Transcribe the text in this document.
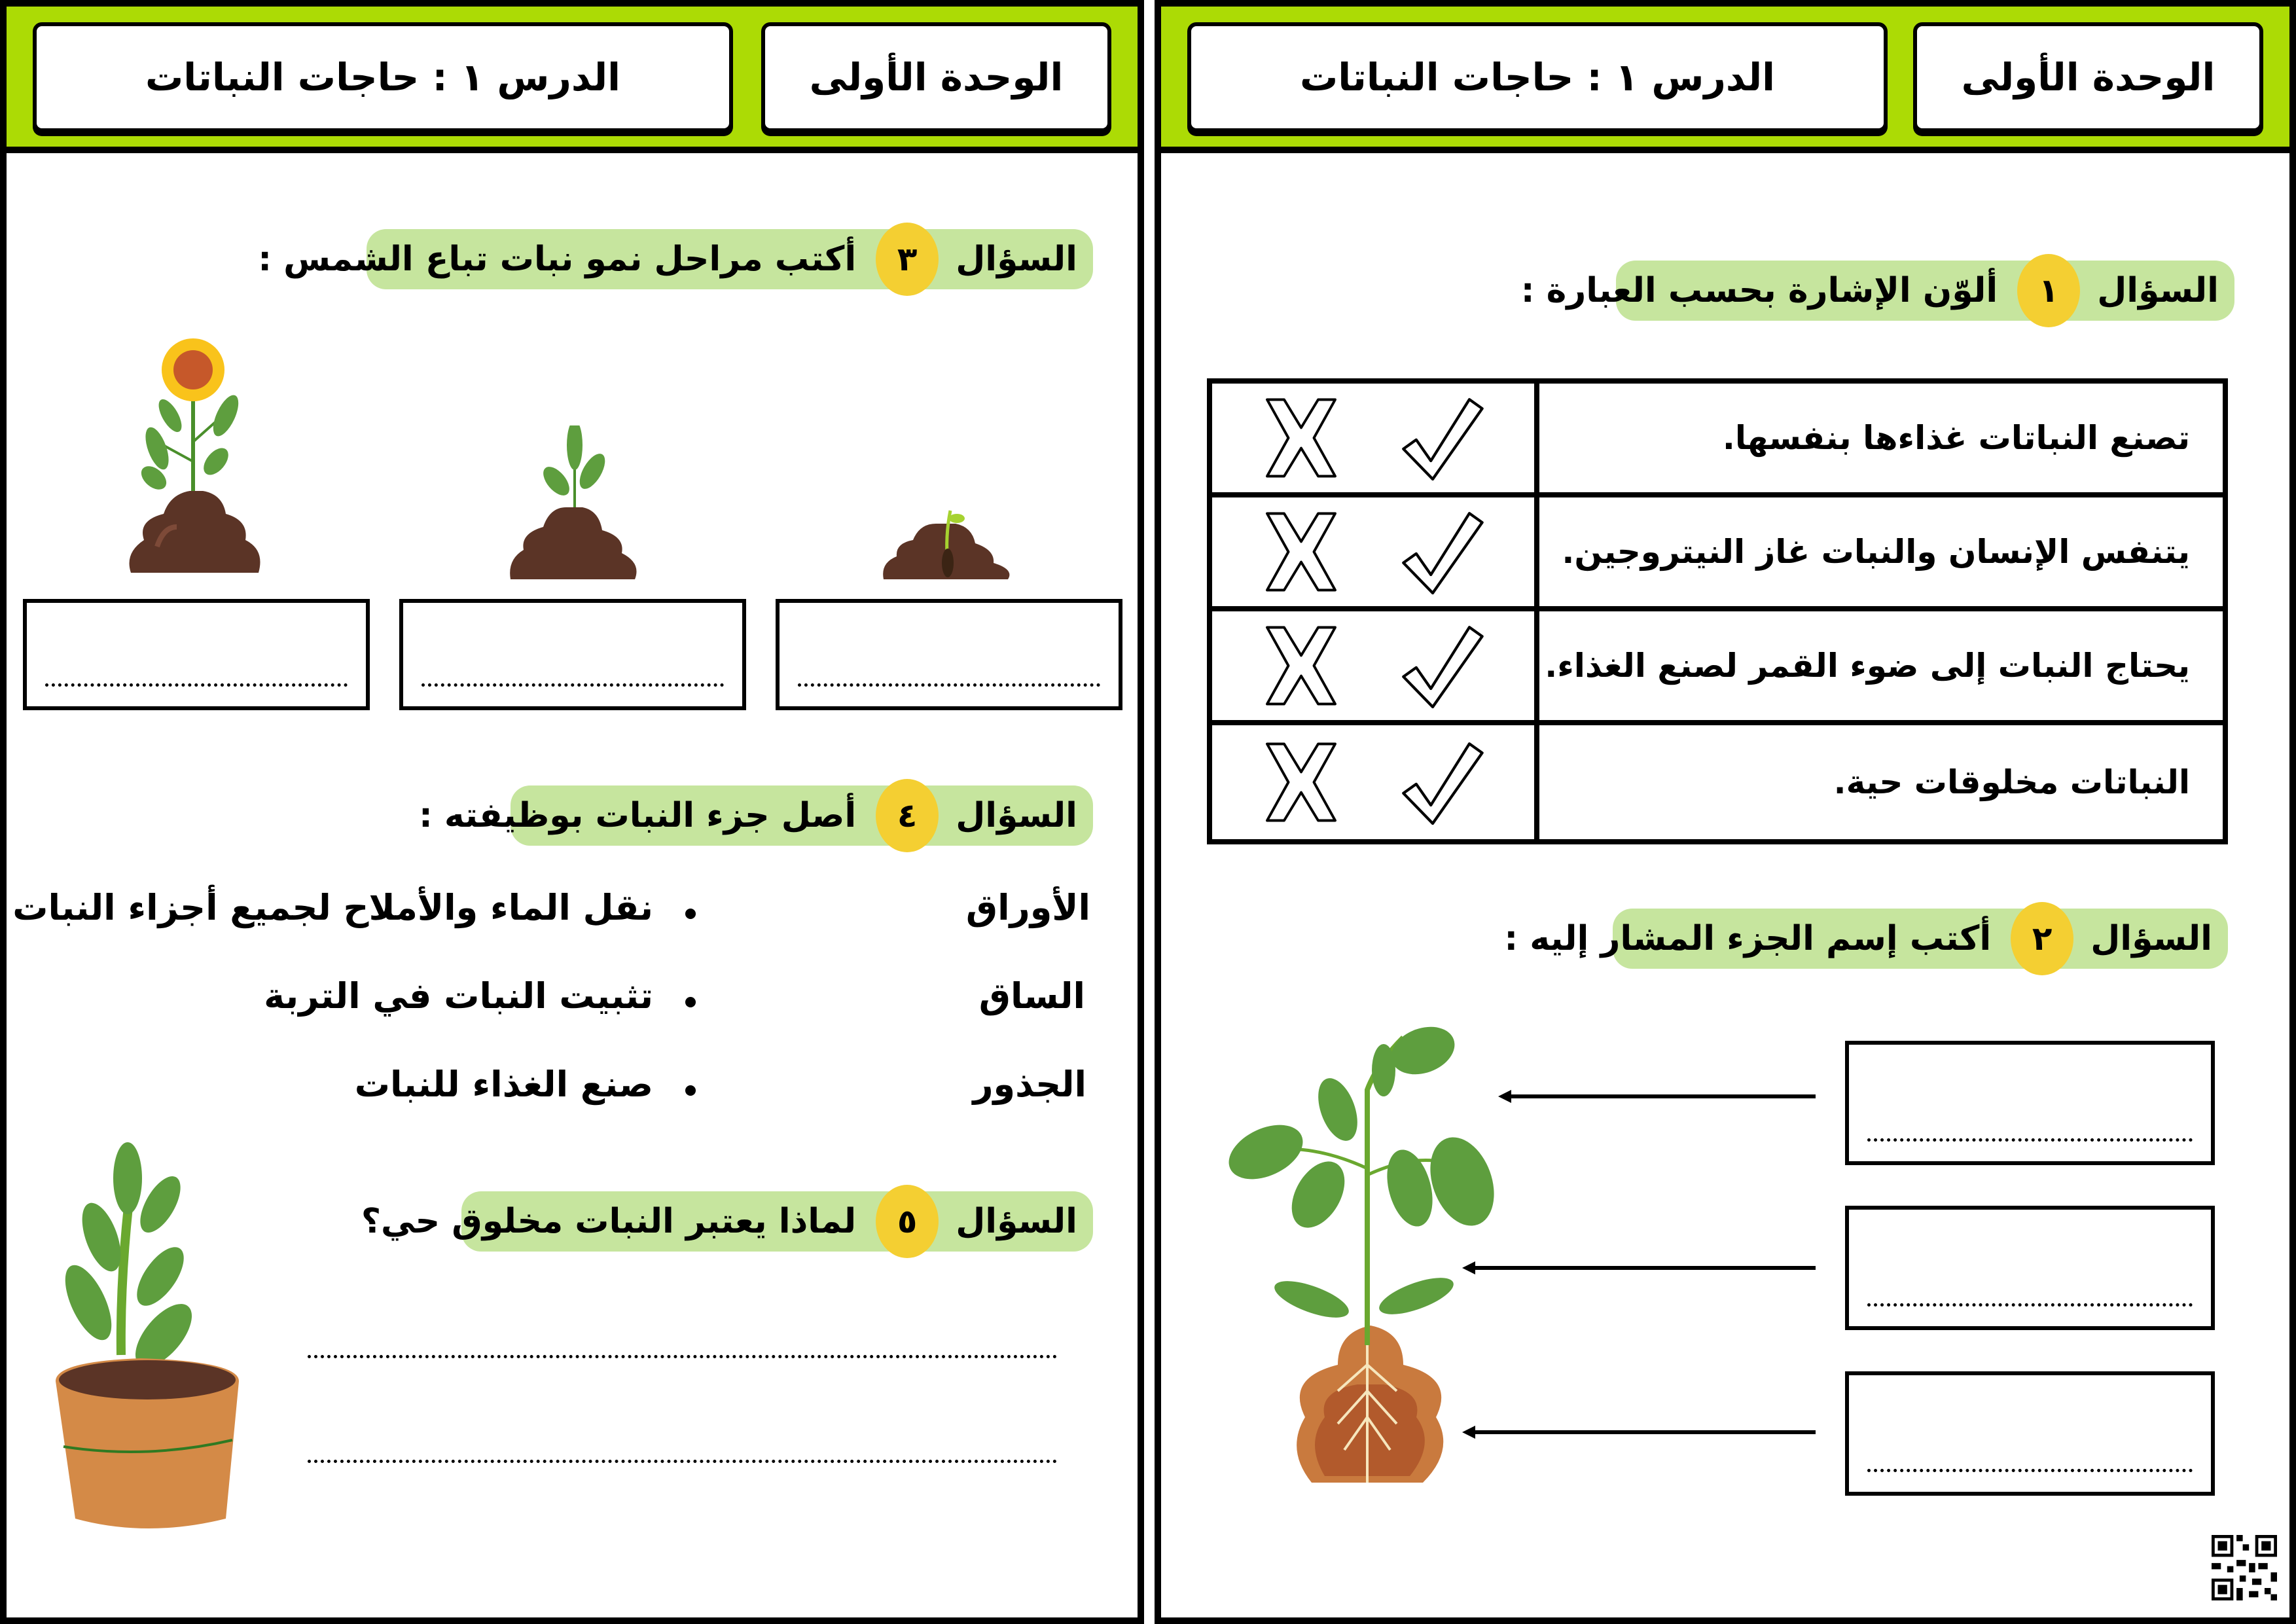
الدرس ١ : حاجات النباتات	الوحدة الأولى
السؤال
٣
أكتب مراحل نمو نبات تباع الشمس :
السؤال
٤
أصل جزء النبات بوظيفته :
الأوراق
الساق
الجذور
نقل الماء والأملاح لجميع أجزاء النبات
تثبيت النبات في التربة
صنع الغذاء للنبات
السؤال
٥
لماذا يعتبر النبات مخلوق حي؟
الدرس ١ : حاجات النباتات	الوحدة الأولى
السؤال
١
ألوّن الإشارة بحسب العبارة :
تصنع النباتات غذاءها بنفسها.
يتنفس الإنسان والنبات غاز النيتروجين.
يحتاج النبات إلى ضوء القمر لصنع الغذاء.
النباتات مخلوقات حية.
السؤال
٢
أكتب إسم الجزء المشار إليه :
